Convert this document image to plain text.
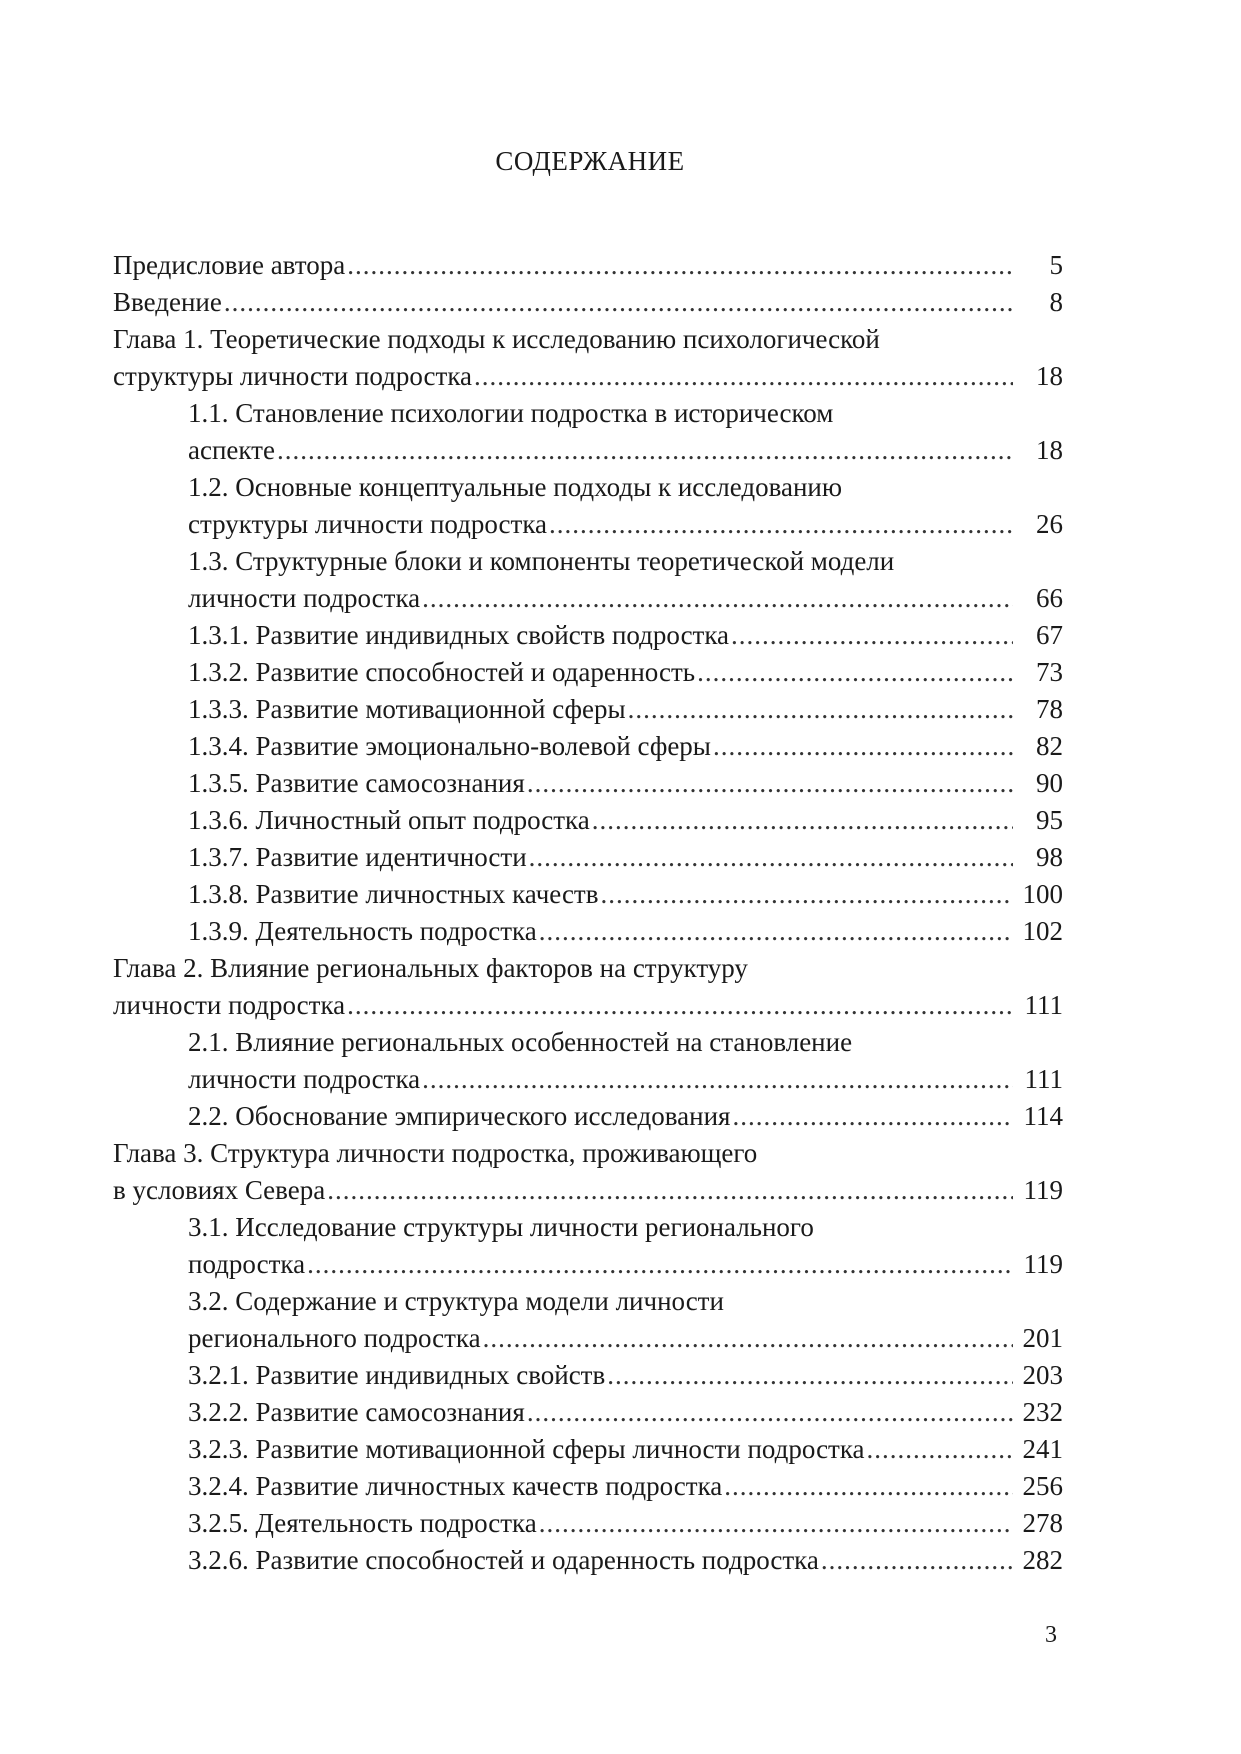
СОДЕРЖАНИЕ
Предисловие автора .....	5
Введение .....	8
Глава 1. Теоретические подходы к исследованию психологической
структуры личности подростка .....	18
1.1. Становление психологии подростка в историческом
аспекте .....	18
1.2. Основные концептуальные подходы к исследованию
структуры личности подростка .....	26
1.3. Структурные блоки и компоненты теоретической модели
личности подростка .....	66
1.3.1. Развитие индивидных свойств подростка .....	67
1.3.2. Развитие способностей и одаренность .....	73
1.3.3. Развитие мотивационной сферы .....	78
1.3.4. Развитие эмоционально-волевой сферы .....	82
1.3.5. Развитие самосознания .....	90
1.3.6. Личностный опыт подростка .....	95
1.3.7. Развитие идентичности .....	98
1.3.8. Развитие личностных качеств .....	100
1.3.9. Деятельность подростка .....	102
Глава 2. Влияние региональных факторов на структуру
личности подростка .....	111
2.1. Влияние региональных особенностей на становление
личности подростка .....	111
2.2. Обоснование эмпирического исследования .....	114
Глава 3. Структура личности подростка, проживающего
в условиях Севера .....	119
3.1. Исследование структуры личности регионального
подростка .....	119
3.2. Содержание и структура модели личности
регионального подростка .....	201
3.2.1. Развитие индивидных свойств .....	203
3.2.2. Развитие самосознания .....	232
3.2.3. Развитие мотивационной сферы личности подростка .....	241
3.2.4. Развитие личностных качеств подростка .....	256
3.2.5. Деятельность подростка .....	278
3.2.6. Развитие способностей и одаренность подростка .....	282
3
